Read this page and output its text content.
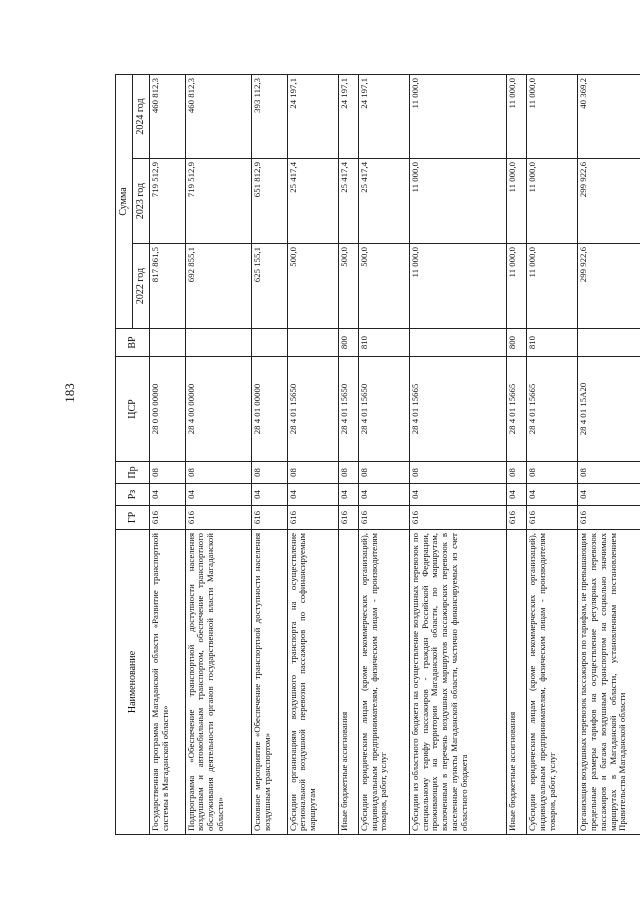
183
Наименование	ГР	Рз	Пр	ЦСР	ВР	Сумма		
						2022 год	2023 год	2024 год
Государственная программа Магаданской области «Развитие транспортной системы в Магаданской области»	616	04	08	28 0 00 00000		817 861,5	719 512,9	460 812,3
Подпрограмма «Обеспечение транспортной доступности населения воздушным и автомобильным транспортом, обеспечение транспортного обслуживания деятельности органов государственной власти Магаданской области»	616	04	08	28 4 00 00000		692 855,1	719 512,9	460 812,3
Основное мероприятие «Обеспечение транспортной доступности населения воздушным транспортом»	616	04	08	28 4 01 00000		625 155,1	651 812,9	393 112,3
Субсидии организациям воздушного транспорта на осуществление региональной воздушной перевозки пассажиров по софинансируемым маршрутам	616	04	08	28 4 01 15650		500,0	25 417,4	24 197,1
Иные бюджетные ассигнования	616	04	08	28 4 01 15650	800	500,0	25 417,4	24 197,1
Субсидии юридическим лицам (кроме некоммерческих организаций), индивидуальным предпринимателям, физическим лицам - производителям товаров, работ, услуг	616	04	08	28 4 01 15650	810	500,0	25 417,4	24 197,1
Субсидии из областного бюджета на осуществление воздушных перевозок по специальному тарифу пассажиров - граждан Российской Федерации, проживающих на территории Магаданской области, по маршрутам, включенным в перечень воздушных маршрутов пассажирских перевозок в населенные пункты Магаданской области, частично финансируемых из счет областного бюджета	616	04	08	28 4 01 15665		11 000,0	11 000,0	11 000,0
Иные бюджетные ассигнования	616	04	08	28 4 01 15665	800	11 000,0	11 000,0	11 000,0
Субсидии юридическим лицам (кроме некоммерческих организаций), индивидуальным предпринимателям, физическим лицам - производителям товаров, работ, услуг	616	04	08	28 4 01 15665	810	11 000,0	11 000,0	11 000,0
Организация воздушных перевозок пассажиров по тарифам, не превышающим предельные размеры тарифов на осуществление регулярных перевозок пассажиров и багажа воздушным транспортом на социально значимых маршрутах в Магаданской области, установленным постановлением Правительства Магаданской области	616	04	08	28 4 01 15А20		299 922,6	299 922,6	40 369,2
